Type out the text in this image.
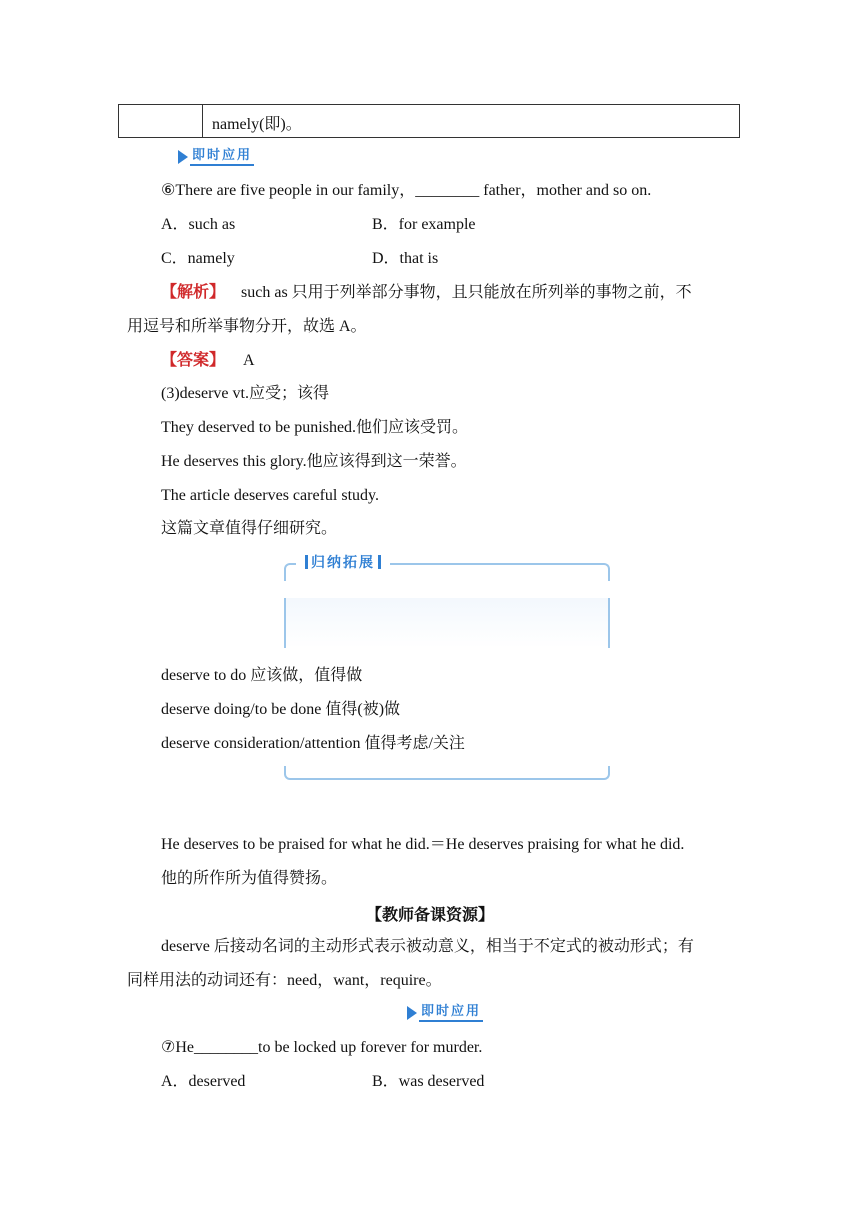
namely(即)。
即时应用
⑥There are five people in our family，________ father，mother and so on.
A．such as	B．for example
C．namely	D．that is
【解析】 such as 只用于列举部分事物，且只能放在所列举的事物之前，不
用逗号和所举事物分开，故选 A。
【答案】 A
(3)deserve vt.应受；该得
They deserved to be punished.他们应该受罚。
He deserves this glory.他应该得到这一荣誉。
The article deserves careful study.
这篇文章值得仔细研究。
归纳拓展
deserve to do 应该做，值得做
deserve doing/to be done 值得(被)做
deserve consideration/attention 值得考虑/关注
He deserves to be praised for what he did.＝He deserves praising for what he did.
他的所作所为值得赞扬。
【教师备课资源】
deserve 后接动名词的主动形式表示被动意义，相当于不定式的被动形式；有
同样用法的动词还有：need，want，require。
即时应用
⑦He________to be locked up forever for murder.
A．deserved	B．was deserved
